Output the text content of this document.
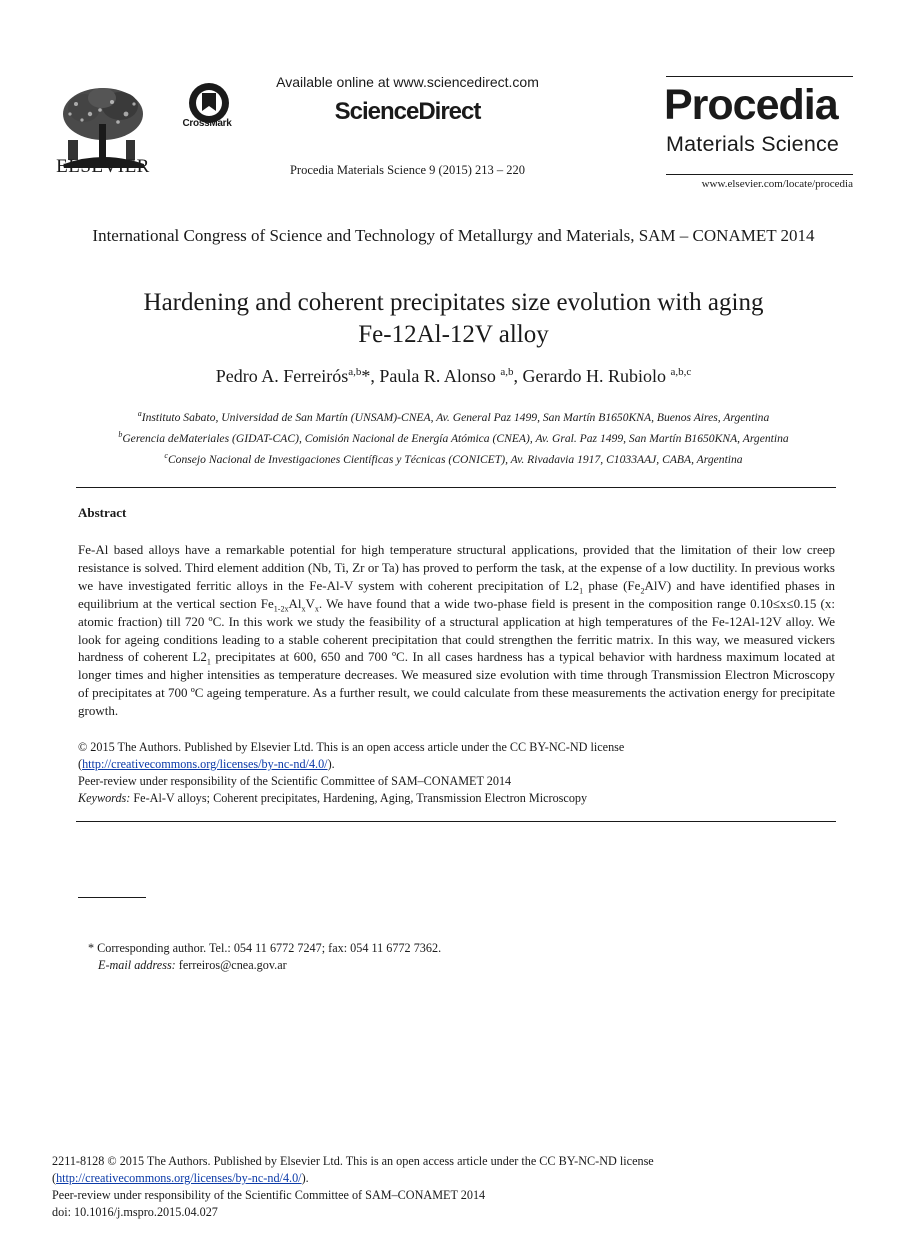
ELSEVIER
CrossMark
Available online at www.sciencedirect.com
ScienceDirect
Procedia Materials Science 9 (2015) 213 – 220
Procedia
Materials Science
www.elsevier.com/locate/procedia
International Congress of Science and Technology of Metallurgy and Materials, SAM – CONAMET 2014
Hardening and coherent precipitates size evolution with aging
Fe-12Al-12V alloy
Pedro A. Ferreirós$^{a,b}$*, Paula R. Alonso $^{a,b}$, Gerardo H. Rubiolo $^{a,b,c}$
$^a$Instituto Sabato, Universidad de San Martín (UNSAM)-CNEA, Av. General Paz 1499, San Martín B1650KNA, Buenos Aires, Argentina
$^b$Gerencia deMateriales (GIDAT-CAC), Comisión Nacional de Energía Atómica (CNEA), Av. Gral. Paz 1499, San Martín B1650KNA, Argentina
$^c$Consejo Nacional de Investigaciones Científicas y Técnicas (CONICET), Av. Rivadavia 1917, C1033AAJ, CABA, Argentina
Abstract
Fe-Al based alloys have a remarkable potential for high temperature structural applications, provided that the limitation of their low creep resistance is solved. Third element addition (Nb, Ti, Zr or Ta) has proved to perform the task, at the expense of a low ductility. In previous works we have investigated ferritic alloys in the Fe-Al-V system with coherent precipitation of $L2_1$ phase $(Fe_2AlV)$ and have identified phases in equilibrium at the vertical section $Fe_{1-2x}Al_xV_x$. We have found that a wide two-phase field is present in the composition range 0.10≤x≤0.15 (x: atomic fraction) till 720 ºC. In this work we study the feasibility of a structural application at high temperatures of the Fe-12Al-12V alloy. We look for ageing conditions leading to a stable coherent precipitation that could strengthen the ferritic matrix. In this way, we measured vickers hardness of coherent $L2_1$ precipitates at 600, 650 and 700 ºC. In all cases hardness has a typical behavior with hardness maximum located at longer times and higher intensities as temperature decreases. We measured size evolution with time through Transmission Electron Microscopy of precipitates at 700 ºC ageing temperature. As a further result, we could calculate from these measurements the activation energy for precipitate growth.
© 2015 The Authors. Published by Elsevier Ltd. This is an open access article under the CC BY-NC-ND license
(http://creativecommons.org/licenses/by-nc-nd/4.0/).
Peer-review under responsibility of the Scientific Committee of SAM–CONAMET 2014
Keywords: Fe-Al-V alloys; Coherent precipitates, Hardening, Aging, Transmission Electron Microscopy
* Corresponding author. Tel.: 054 11 6772 7247; fax: 054 11 6772 7362.
E-mail address: ferreiros@cnea.gov.ar
2211-8128 © 2015 The Authors. Published by Elsevier Ltd. This is an open access article under the CC BY-NC-ND license
(http://creativecommons.org/licenses/by-nc-nd/4.0/).
Peer-review under responsibility of the Scientific Committee of SAM–CONAMET 2014
doi: 10.1016/j.mspro.2015.04.027
